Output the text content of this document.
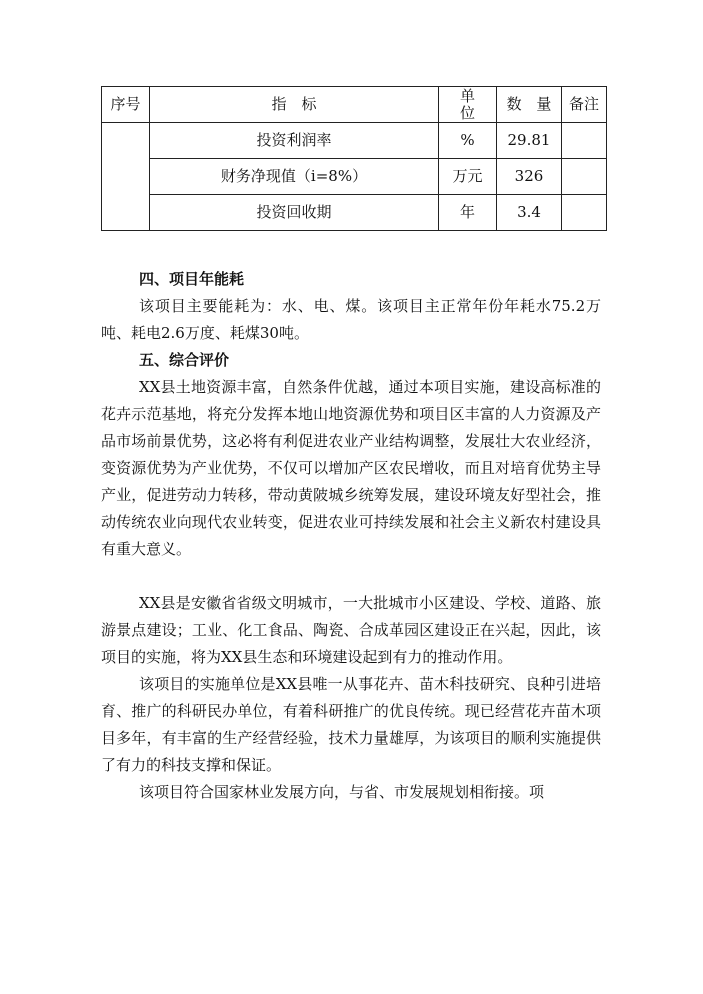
序号	指　标	单位	数 量	备注
	投资利润率	%	29.81	
	财务净现值（i=8%）	万元	326	
	投资回收期	年	3.4	
四、项目年能耗

该项目主要能耗为：水、电、煤。该项目主正常年份年耗水75.2万吨、耗电2.6万度、耗煤30吨。

五、综合评价

XX县土地资源丰富，自然条件优越，通过本项目实施，建设高标准的花卉示范基地，将充分发挥本地山地资源优势和项目区丰富的人力资源及产品市场前景优势，这必将有利促进农业产业结构调整，发展壮大农业经济，变资源优势为产业优势，不仅可以增加产区农民增收，而且对培育优势主导产业，促进劳动力转移，带动黄陂城乡统筹发展，建设环境友好型社会，推动传统农业向现代农业转变，促进农业可持续发展和社会主义新农村建设具有重大意义。

XX县是安徽省省级文明城市，一大批城市小区建设、学校、道路、旅游景点建设；工业、化工食品、陶瓷、合成革园区建设正在兴起，因此，该项目的实施，将为XX县生态和环境建设起到有力的推动作用。

该项目的实施单位是XX县唯一从事花卉、苗木科技研究、良种引进培育、推广的科研民办单位，有着科研推广的优良传统。现已经营花卉苗木项目多年，有丰富的生产经营经验，技术力量雄厚，为该项目的顺利实施提供了有力的科技支撑和保证。

该项目符合国家林业发展方向，与省、市发展规划相衔接。项
